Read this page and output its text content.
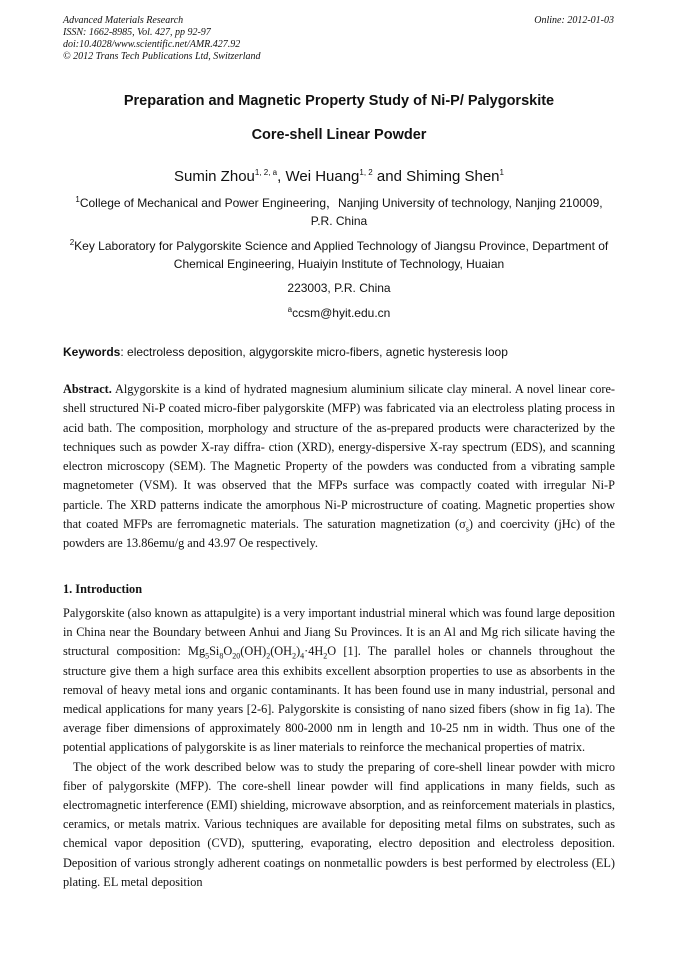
Advanced Materials Research
ISSN: 1662-8985, Vol. 427, pp 92-97
doi:10.4028/www.scientific.net/AMR.427.92
© 2012 Trans Tech Publications Ltd, Switzerland
Online: 2012-01-03
Preparation and Magnetic Property Study of Ni-P/ Palygorskite
Core-shell Linear Powder
Sumin Zhou$^{1, 2, a}$, Wei Huang$^{1, 2}$ and Shiming Shen$^1$
$^1$College of Mechanical and Power Engineering，Nanjing University of technology, Nanjing 210009, P.R. China
$^2$Key Laboratory for Palygorskite Science and Applied Technology of Jiangsu Province, Department of Chemical Engineering, Huaiyin Institute of Technology, Huaian
223003, P.R. China
$^a$ccsm@hyit.edu.cn
Keywords: electroless deposition, algygorskite micro-fibers, agnetic hysteresis loop
Abstract. Algygorskite is a kind of hydrated magnesium aluminium silicate clay mineral. A novel linear core-shell structured Ni-P coated micro-fiber palygorskite (MFP) was fabricated via an electroless plating process in acid bath. The composition, morphology and structure of the as-prepared products were characterized by the techniques such as powder X-ray diffra- ction (XRD), energy-dispersive X-ray spectrum (EDS), and scanning electron microscopy (SEM). The Magnetic Property of the powders was conducted from a vibrating sample magnetometer (VSM). It was observed that the MFPs surface was compactly coated with irregular Ni-P particle. The XRD patterns indicate the amorphous Ni-P microstructure of coating. Magnetic properties show that coated MFPs are ferromagnetic materials. The saturation magnetization $(\sigma_s)$ and coercivity (jHc) of the powders are 13.86emu/g and 43.97 Oe respectively.
1. Introduction

Palygorskite (also known as attapulgite) is a very important industrial mineral which was found large deposition in China near the Boundary between Anhui and Jiang Su Provinces. It is an Al and Mg rich silicate having the structural composition: $Mg_5Si_8O_{20}(OH)_2(OH_2)_4\cdot 4H_2O$ [1]. The parallel holes or channels throughout the structure give them a high surface area this exhibits excellent absorption properties to use as absorbents in the removal of heavy metal ions and organic contaminants. It has been found use in many industrial, personal and medical applications for many years [2-6]. Palygorskite is consisting of nano sized fibers (show in fig 1a). The average fiber dimensions of approximately 800-2000 nm in length and 10-25 nm in width. Thus one of the potential applications of palygorskite is as liner materials to reinforce the mechanical properties of matrix.

The object of the work described below was to study the preparing of core-shell linear powder with micro fiber of palygorskite (MFP). The core-shell linear powder will find applications in many fields, such as electromagnetic interference (EMI) shielding, microwave absorption, and as reinforcement materials in plastics, ceramics, or metals matrix. Various techniques are available for depositing metal films on substrates, such as chemical vapor deposition (CVD), sputtering, evaporating, electro deposition and electroless deposition. Deposition of various strongly adherent coatings on nonmetallic powders is best performed by electroless (EL) plating. EL metal deposition
